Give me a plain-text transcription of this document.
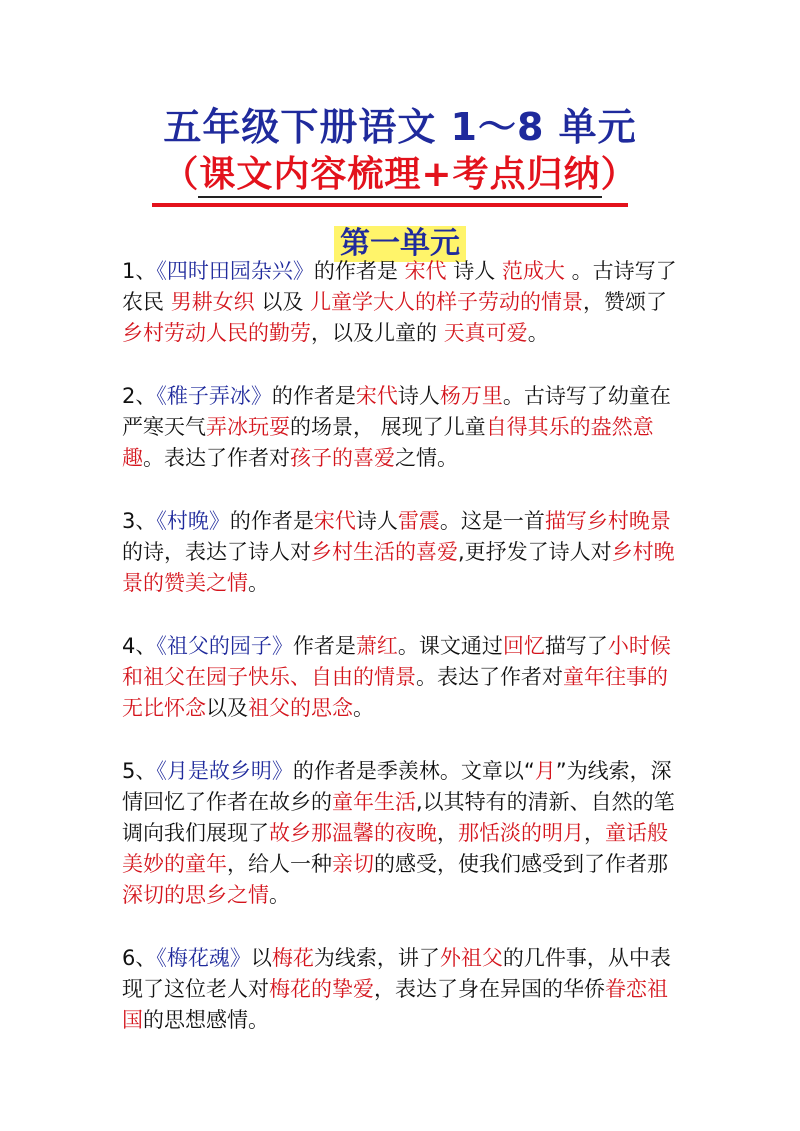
五年级下册语文 1～8 单元
（课文内容梳理+考点归纳）
第一单元

1、《四时田园杂兴》的作者是 宋代 诗人 范成大 。古诗写了农民 男耕女织 以及 儿童学大人的样子劳动的情景，赞颂了乡村劳动人民的勤劳，以及儿童的 天真可爱。

2、《稚子弄冰》的作者是宋代诗人杨万里。古诗写了幼童在严寒天气弄冰玩耍的场景， 展现了儿童自得其乐的盎然意趣。表达了作者对孩子的喜爱之情。

3、《村晚》的作者是宋代诗人雷震。这是一首描写乡村晚景的诗，表达了诗人对乡村生活的喜爱,更抒发了诗人对乡村晚景的赞美之情。

4、《祖父的园子》作者是萧红。课文通过回忆描写了小时候和祖父在园子快乐、自由的情景。表达了作者对童年往事的无比怀念以及祖父的思念。

5、《月是故乡明》的作者是季羡林。文章以“月”为线索，深情回忆了作者在故乡的童年生活,以其特有的清新、自然的笔调向我们展现了故乡那温馨的夜晚，那恬淡的明月，童话般美妙的童年，给人一种亲切的感受，使我们感受到了作者那深切的思乡之情。

6、《梅花魂》以梅花为线索，讲了外祖父的几件事，从中表现了这位老人对梅花的挚爱，表达了身在异国的华侨眷恋祖国的思想感情。
